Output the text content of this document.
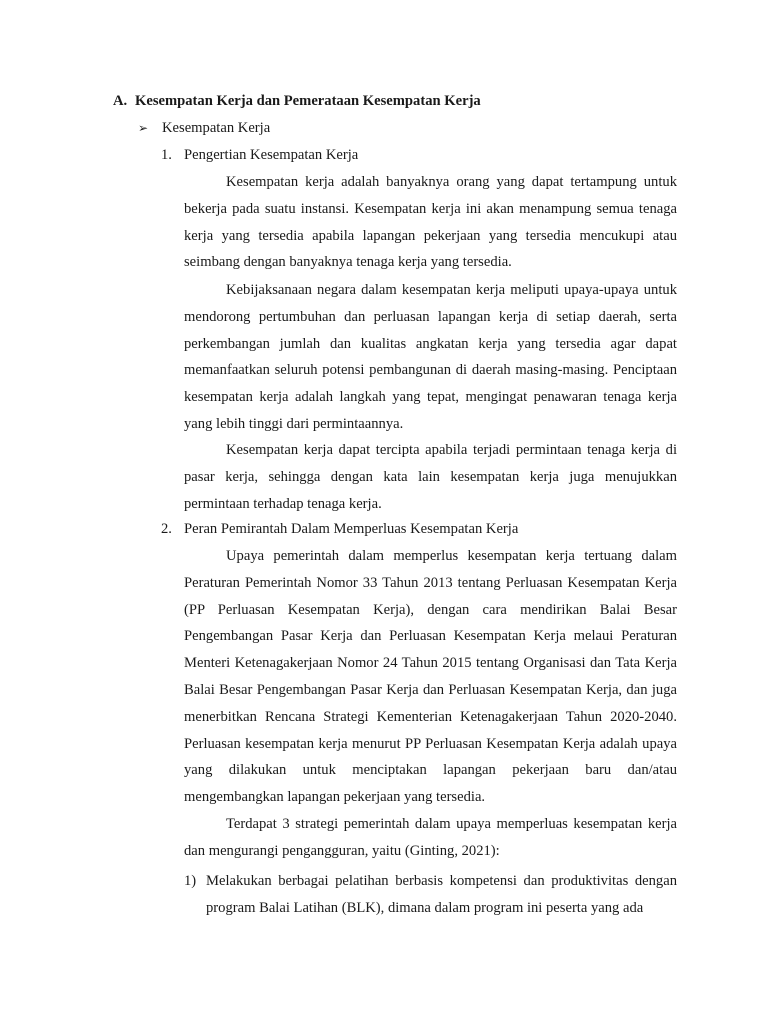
A. Kesempatan Kerja dan Pemerataan Kesempatan Kerja
➢ Kesempatan Kerja
1. Pengertian Kesempatan Kerja

Kesempatan kerja adalah banyaknya orang yang dapat tertampung untuk bekerja pada suatu instansi. Kesempatan kerja ini akan menampung semua tenaga kerja yang tersedia apabila lapangan pekerjaan yang tersedia mencukupi atau seimbang dengan banyaknya tenaga kerja yang tersedia.

Kebijaksanaan negara dalam kesempatan kerja meliputi upaya-upaya untuk mendorong pertumbuhan dan perluasan lapangan kerja di setiap daerah, serta perkembangan jumlah dan kualitas angkatan kerja yang tersedia agar dapat memanfaatkan seluruh potensi pembangunan di daerah masing-masing. Penciptaan kesempatan kerja adalah langkah yang tepat, mengingat penawaran tenaga kerja yang lebih tinggi dari permintaannya.

Kesempatan kerja dapat tercipta apabila terjadi permintaan tenaga kerja di pasar kerja, sehingga dengan kata lain kesempatan kerja juga menujukkan permintaan terhadap tenaga kerja.

2. Peran Pemirantah Dalam Memperluas Kesempatan Kerja

Upaya pemerintah dalam memperlus kesempatan kerja tertuang dalam Peraturan Pemerintah Nomor 33 Tahun 2013 tentang Perluasan Kesempatan Kerja (PP Perluasan Kesempatan Kerja), dengan cara mendirikan Balai Besar Pengembangan Pasar Kerja dan Perluasan Kesempatan Kerja melaui Peraturan Menteri Ketenagakerjaan Nomor 24 Tahun 2015 tentang Organisasi dan Tata Kerja Balai Besar Pengembangan Pasar Kerja dan Perluasan Kesempatan Kerja, dan juga menerbitkan Rencana Strategi Kementerian Ketenagakerjaan Tahun 2020-2040. Perluasan kesempatan kerja menurut PP Perluasan Kesempatan Kerja adalah upaya yang dilakukan untuk menciptakan lapangan pekerjaan baru dan/atau mengembangkan lapangan pekerjaan yang tersedia.

Terdapat 3 strategi pemerintah dalam upaya memperluas kesempatan kerja dan mengurangi pengangguran, yaitu (Ginting, 2021):

1) Melakukan berbagai pelatihan berbasis kompetensi dan produktivitas dengan program Balai Latihan (BLK), dimana dalam program ini peserta yang ada
